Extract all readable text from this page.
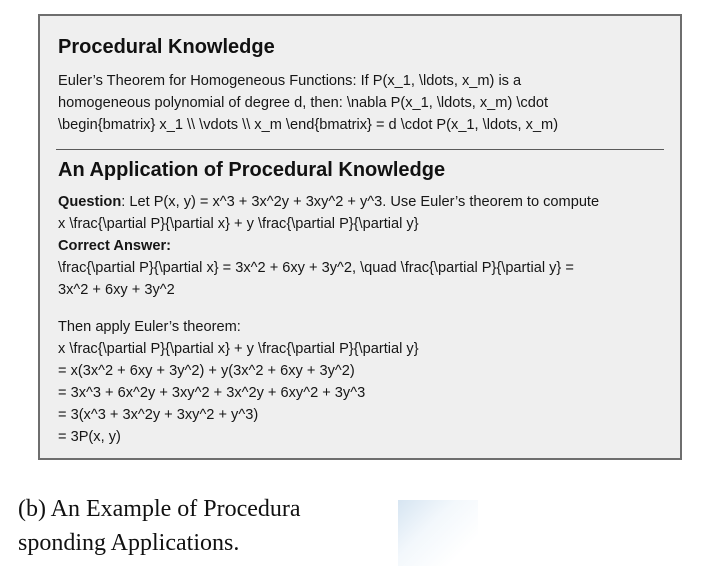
Procedural Knowledge
Euler’s Theorem for Homogeneous Functions: If P(x_1, \ldots, x_m) is a
homogeneous polynomial of degree d, then: \nabla P(x_1, \ldots, x_m) \cdot
\begin{bmatrix} x_1 \\ \vdots \\ x_m \end{bmatrix} = d \cdot P(x_1, \ldots, x_m)
An Application of Procedural Knowledge
Question: Let P(x, y) = x^3 + 3x^2y + 3xy^2 + y^3. Use Euler’s theorem to compute
x \frac{\partial P}{\partial x} + y \frac{\partial P}{\partial y}
Correct Answer:
\frac{\partial P}{\partial x} = 3x^2 + 6xy + 3y^2, \quad \frac{\partial P}{\partial y} =
3x^2 + 6xy + 3y^2
Then apply Euler’s theorem:
x \frac{\partial P}{\partial x} + y \frac{\partial P}{\partial y}
= x(3x^2 + 6xy + 3y^2) + y(3x^2 + 6xy + 3y^2)
= 3x^3 + 6x^2y + 3xy^2 + 3x^2y + 6xy^2 + 3y^3
= 3(x^3 + 3x^2y + 3xy^2 + y^3)
= 3P(x, y)
(b) An Example of Procedura
sponding Applications.
